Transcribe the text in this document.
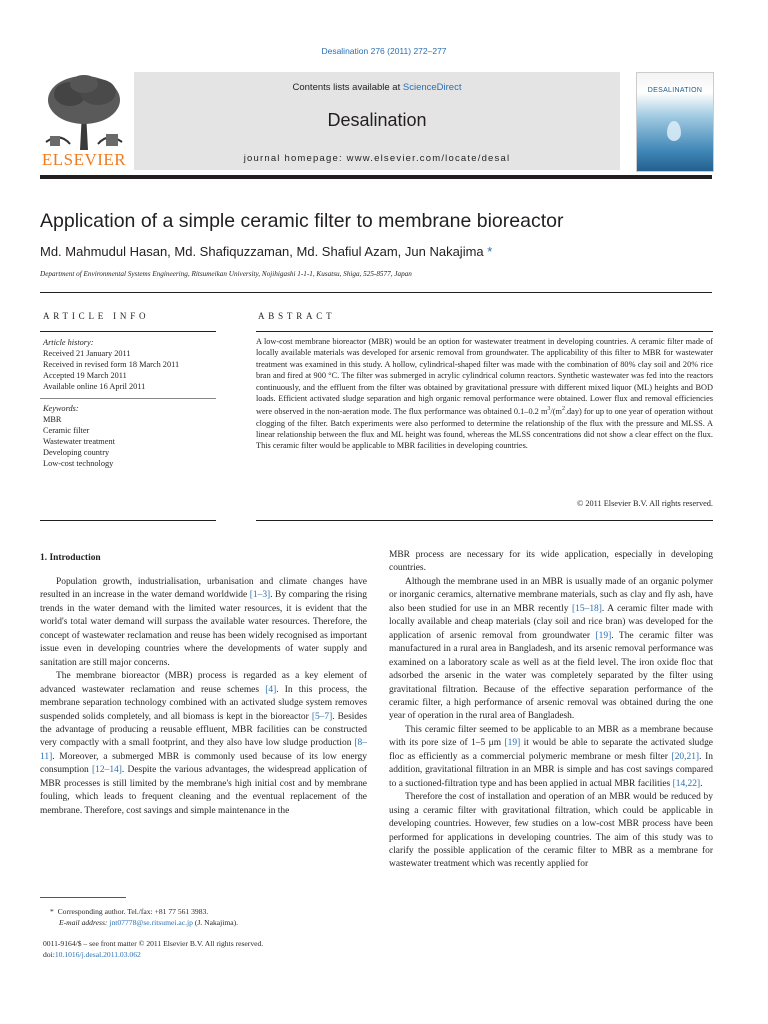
Desalination 276 (2011) 272–277
ELSEVIER
Contents lists available at ScienceDirect
Desalination
journal homepage: www.elsevier.com/locate/desal
DESALINATION
Application of a simple ceramic filter to membrane bioreactor
Md. Mahmudul Hasan, Md. Shafiquzzaman, Md. Shafiul Azam, Jun Nakajima *
Department of Environmental Systems Engineering, Ritsumeikan University, Nojihigashi 1-1-1, Kusatsu, Shiga, 525-8577, Japan
ARTICLE INFO
Article history:
Received 21 January 2011
Received in revised form 18 March 2011
Accepted 19 March 2011
Available online 16 April 2011
Keywords:
MBR
Ceramic filter
Wastewater treatment
Developing country
Low-cost technology
ABSTRACT
A low-cost membrane bioreactor (MBR) would be an option for wastewater treatment in developing countries. A ceramic filter made of locally available materials was developed for arsenic removal from groundwater. The applicability of this filter to MBR for wastewater treatment was examined in this study. A hollow, cylindrical-shaped filter was made with the combination of 80% clay soil and 20% rice bran and fired at 900 °C. The filter was submerged in acrylic cylindrical column reactors. Synthetic wastewater was fed into the reactors continuously, and the effluent from the filter was obtained by gravitational pressure with different mixed liquor (ML) heights and BOD loads. Efficient activated sludge separation and high organic removal performance were obtained. Lower flux and removal efficiencies were observed in the non-aeration mode. The flux performance was obtained 0.1–0.2 $m^3/(m^2.day)$ for up to one year of operation without clogging of the filter. Batch experiments were also performed to determine the relationship of the flux with the pressure and MLSS. A linear relationship between the flux and ML height was found, whereas the MLSS concentrations did not show a clear effect on the flux. This ceramic filter would be applicable to MBR facilities in developing countries.
© 2011 Elsevier B.V. All rights reserved.
1. Introduction

Population growth, industrialisation, urbanisation and climate changes have resulted in an increase in the water demand worldwide [1–3]. By comparing the rising trends in the water demand with the limited water resources, it is evident that the world's total water demand will surpass the available water resources. Therefore, the concept of wastewater reclamation and reuse has been widely recognised as important issue even in developing countries where the developments of water supply and sanitation are still major concerns.

The membrane bioreactor (MBR) process is regarded as a key element of advanced wastewater reclamation and reuse schemes [4]. In this process, the membrane separation technology combined with an activated sludge system removes suspended solids completely, and all biomass is kept in the bioreactor [5–7]. Besides the advantage of producing a reusable effluent, MBR facilities can be constructed very compactly with a small footprint, and they also have low sludge production [8–11]. Moreover, a submerged MBR is commonly used because of its low energy consumption [12–14]. Despite the various advantages, the widespread application of MBR processes is still limited by the membrane's high initial cost and by membrane fouling, which leads to frequent cleaning and the eventual replacement of the membrane. Therefore, cost savings and simple maintenance in the

MBR process are necessary for its wide application, especially in developing countries.

Although the membrane used in an MBR is usually made of an organic polymer or inorganic ceramics, alternative membrane materials, such as clay and fly ash, have also been studied for use in an MBR recently [15–18]. A ceramic filter made with locally available and cheap materials (clay soil and rice bran) was developed for the application of arsenic removal from groundwater [19]. The ceramic filter was manufactured in a rural area in Bangladesh, and its arsenic removal performance was examined on a laboratory scale as well as at the field level. The iron oxide floc that adsorbed the arsenic in the water was completely separated by the filter using gravitational filtration. Because of the effective separation performance of the ceramic filter, a high performance of arsenic removal was obtained during the one year of operation in the rural area of Bangladesh.

This ceramic filter seemed to be applicable to an MBR as a membrane because with its pore size of 1–5 μm [19] it would be able to separate the activated sludge floc as efficiently as a commercial polymeric membrane or mesh filter [20,21]. In addition, gravitational filtration in an MBR is simple and has cost savings compared to a suctioned-filtration type and has been applied in actual MBR facilities [14,22].

Therefore the cost of installation and operation of an MBR would be reduced by using a ceramic filter with gravitational filtration, which could be applicable in developing countries. However, few studies on a low-cost MBR process have been performed for applications in developing countries. The aim of this study was to clarify the possible application of the ceramic filter to MBR as a membrane for wastewater treatment which was recently applied for

* Corresponding author. Tel./fax: +81 77 561 3983.
E-mail address: jnt07778@se.ritsumei.ac.jp (J. Nakajima).
0011-9164/$ – see front matter © 2011 Elsevier B.V. All rights reserved.
doi:10.1016/j.desal.2011.03.062
